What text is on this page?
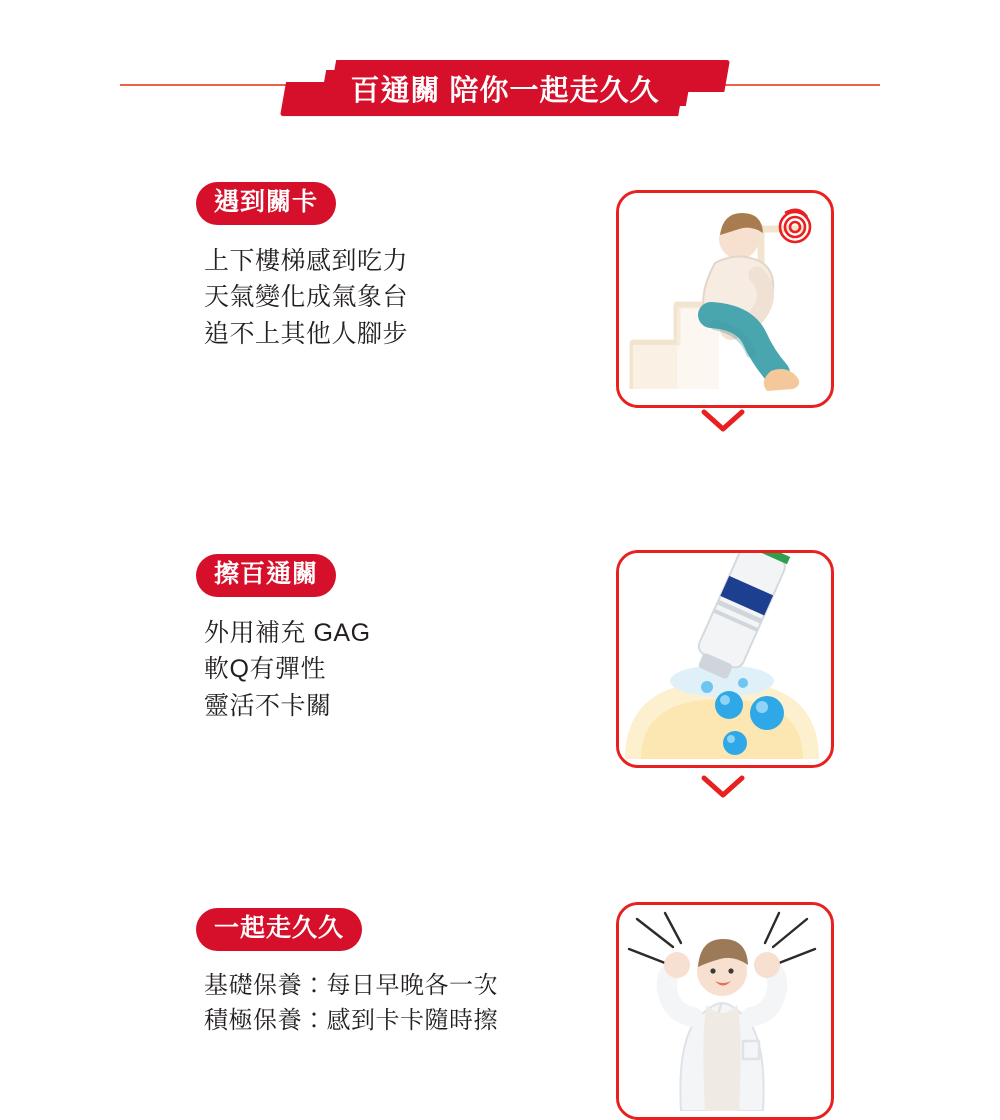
百通關 陪你一起走久久
遇到關卡
上下樓梯感到吃力
天氣變化成氣象台
追不上其他人腳步
擦百通關
外用補充 GAG
軟Q有彈性
靈活不卡關
一起走久久
基礎保養：每日早晚各一次
積極保養：感到卡卡隨時擦
